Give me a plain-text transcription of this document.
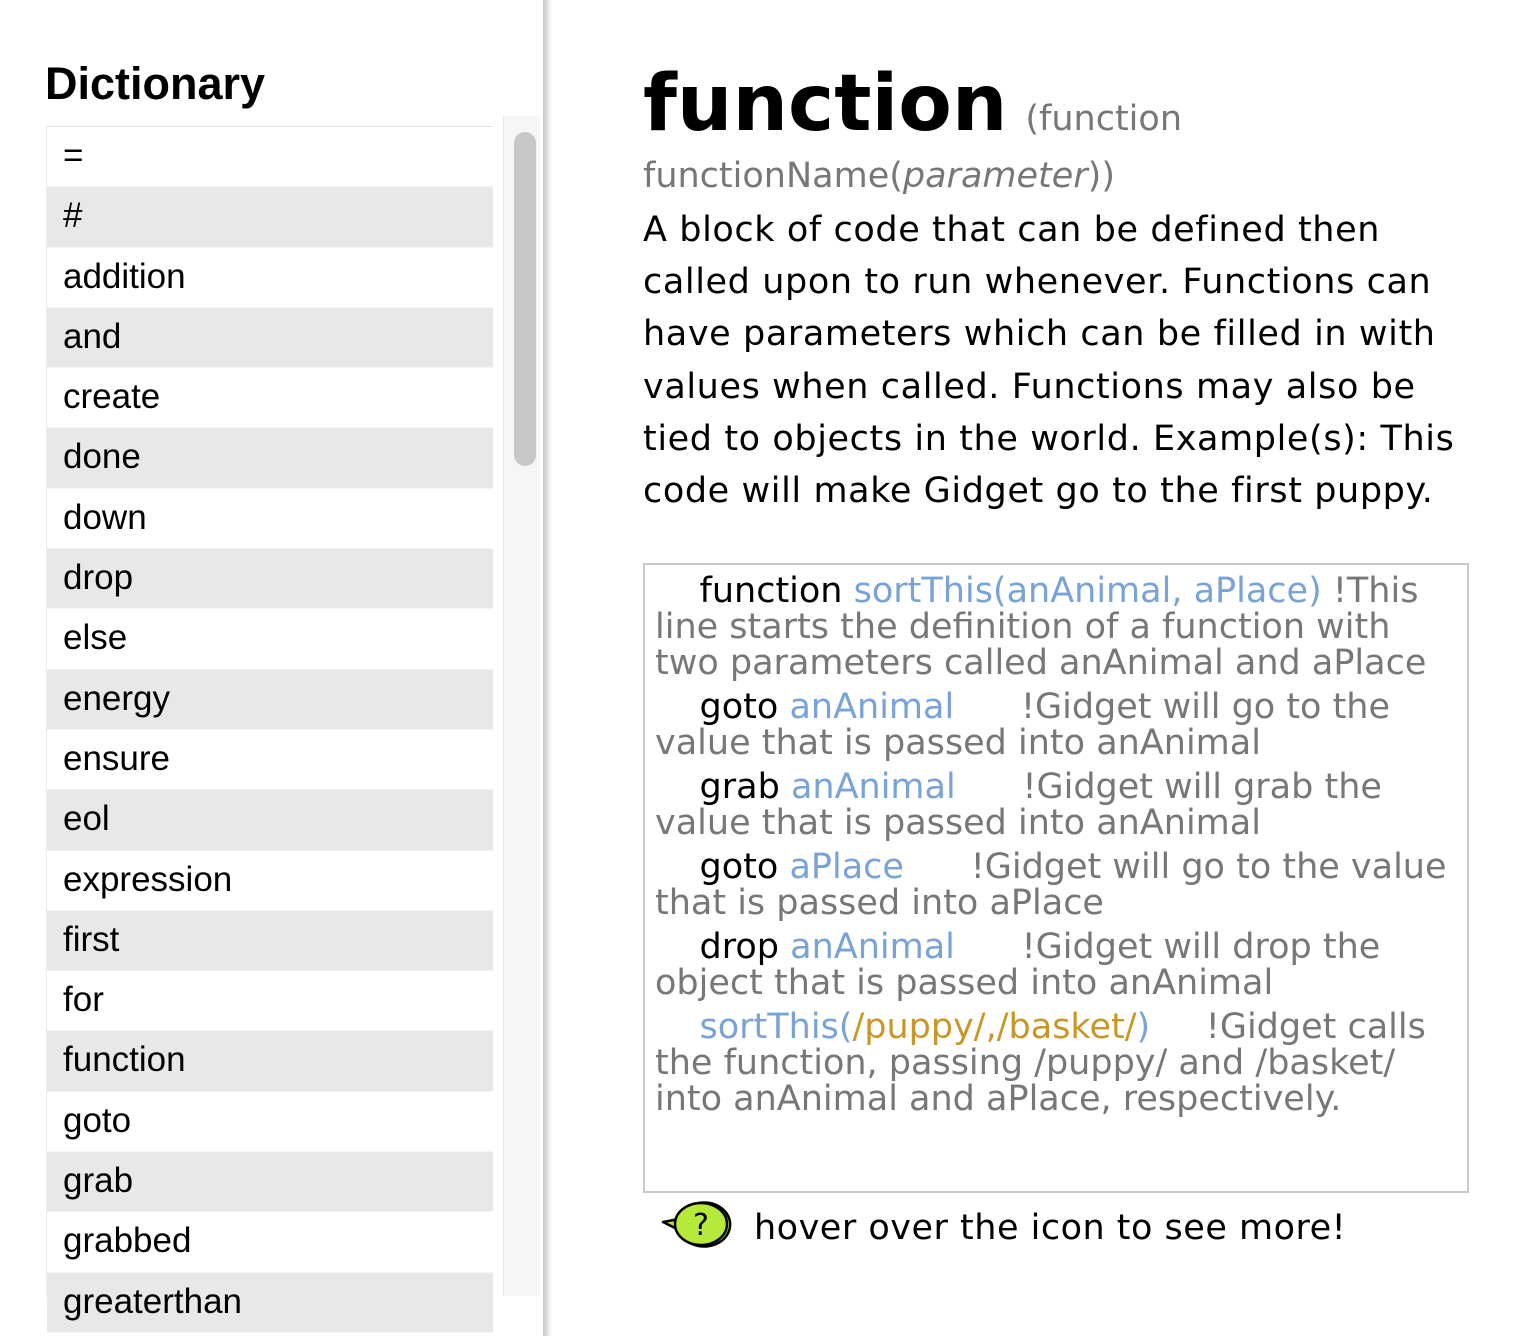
Dictionary
=
#
addition
and
create
done
down
drop
else
energy
ensure
eol
expression
first
for
function
goto
grab
grabbed
greaterthan
function (function
functionName(parameter))

A block of code that can be defined then called upon to run whenever. Functions can have parameters which can be filled in with values when called. Functions may also be tied to objects in the world. Example(s): This code will make Gidget go to the first puppy.

function sortThis(anAnimal, aPlace) !This line starts the definition of a function with two parameters called anAnimal and aPlace
goto anAnimal !Gidget will go to the value that is passed into anAnimal
grab anAnimal !Gidget will grab the value that is passed into anAnimal
goto aPlace !Gidget will go to the value that is passed into aPlace
drop anAnimal !Gidget will drop the object that is passed into anAnimal
sortThis(/puppy/,/basket/) !Gidget calls the function, passing /puppy/ and /basket/ into anAnimal and aPlace, respectively.
? hover over the icon to see more!
